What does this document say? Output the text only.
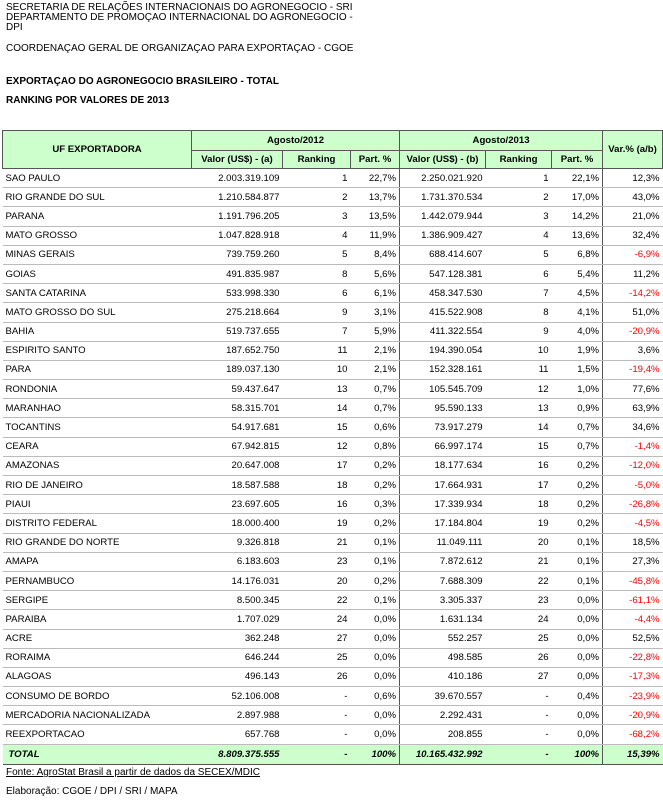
SECRETARIA DE RELAÇÕES INTERNACIONAIS DO AGRONEGOCIO - SRI
DEPARTAMENTO DE PROMOÇAO INTERNACIONAL DO AGRONEGOCIO -
DPI
COORDENAÇAO GERAL DE ORGANIZAÇAO PARA EXPORTAÇAO - CGOE
EXPORTAÇAO DO AGRONEGOCIO BRASILEIRO - TOTAL
RANKING POR VALORES DE 2013
UF EXPORTADORA	Agosto/2012			Agosto/2013			Var.% (a/b)
	Valor (US$) - (a)	Ranking	Part. %	Valor (US$) - (b)	Ranking	Part. %	
SAO PAULO	2.003.319.109	1	22,7%	2.250.021.920	1	22,1%	12,3%
RIO GRANDE DO SUL	1.210.584.877	2	13,7%	1.731.370.534	2	17,0%	43,0%
PARANA	1.191.796.205	3	13,5%	1.442.079.944	3	14,2%	21,0%
MATO GROSSO	1.047.828.918	4	11,9%	1.386.909.427	4	13,6%	32,4%
MINAS GERAIS	739.759.260	5	8,4%	688.414.607	5	6,8%	-6,9%
GOIAS	491.835.987	8	5,6%	547.128.381	6	5,4%	11,2%
SANTA CATARINA	533.998.330	6	6,1%	458.347.530	7	4,5%	-14,2%
MATO GROSSO DO SUL	275.218.664	9	3,1%	415.522.908	8	4,1%	51,0%
BAHIA	519.737.655	7	5,9%	411.322.554	9	4,0%	-20,9%
ESPIRITO SANTO	187.652.750	11	2,1%	194.390.054	10	1,9%	3,6%
PARA	189.037.130	10	2,1%	152.328.161	11	1,5%	-19,4%
RONDONIA	59.437.647	13	0,7%	105.545.709	12	1,0%	77,6%
MARANHAO	58.315.701	14	0,7%	95.590.133	13	0,9%	63,9%
TOCANTINS	54.917.681	15	0,6%	73.917.279	14	0,7%	34,6%
CEARA	67.942.815	12	0,8%	66.997.174	15	0,7%	-1,4%
AMAZONAS	20.647.008	17	0,2%	18.177.634	16	0,2%	-12,0%
RIO DE JANEIRO	18.587.588	18	0,2%	17.664.931	17	0,2%	-5,0%
PIAUI	23.697.605	16	0,3%	17.339.934	18	0,2%	-26,8%
DISTRITO FEDERAL	18.000.400	19	0,2%	17.184.804	19	0,2%	-4,5%
RIO GRANDE DO NORTE	9.326.818	21	0,1%	11.049.111	20	0,1%	18,5%
AMAPA	6.183.603	23	0,1%	7.872.612	21	0,1%	27,3%
PERNAMBUCO	14.176.031	20	0,2%	7.688.309	22	0,1%	-45,8%
SERGIPE	8.500.345	22	0,1%	3.305.337	23	0,0%	-61,1%
PARAIBA	1.707.029	24	0,0%	1.631.134	24	0,0%	-4,4%
ACRE	362.248	27	0,0%	552.257	25	0,0%	52,5%
RORAIMA	646.244	25	0,0%	498.585	26	0,0%	-22,8%
ALAGOAS	496.143	26	0,0%	410.186	27	0,0%	-17,3%
CONSUMO DE BORDO	52.106.008	-	0,6%	39.670.557	-	0,4%	-23,9%
MERCADORIA NACIONALIZADA	2.897.988	-	0,0%	2.292.431	-	0,0%	-20,9%
REEXPORTACAO	657.768	-	0,0%	208.855	-	0,0%	-68,2%
TOTAL	8.809.375.555	-	100%	10.165.432.992	-	100%	15,39%
Fonte: AgroStat Brasil a partir de dados da SECEX/MDIC
Elaboração: CGOE / DPI / SRI / MAPA
